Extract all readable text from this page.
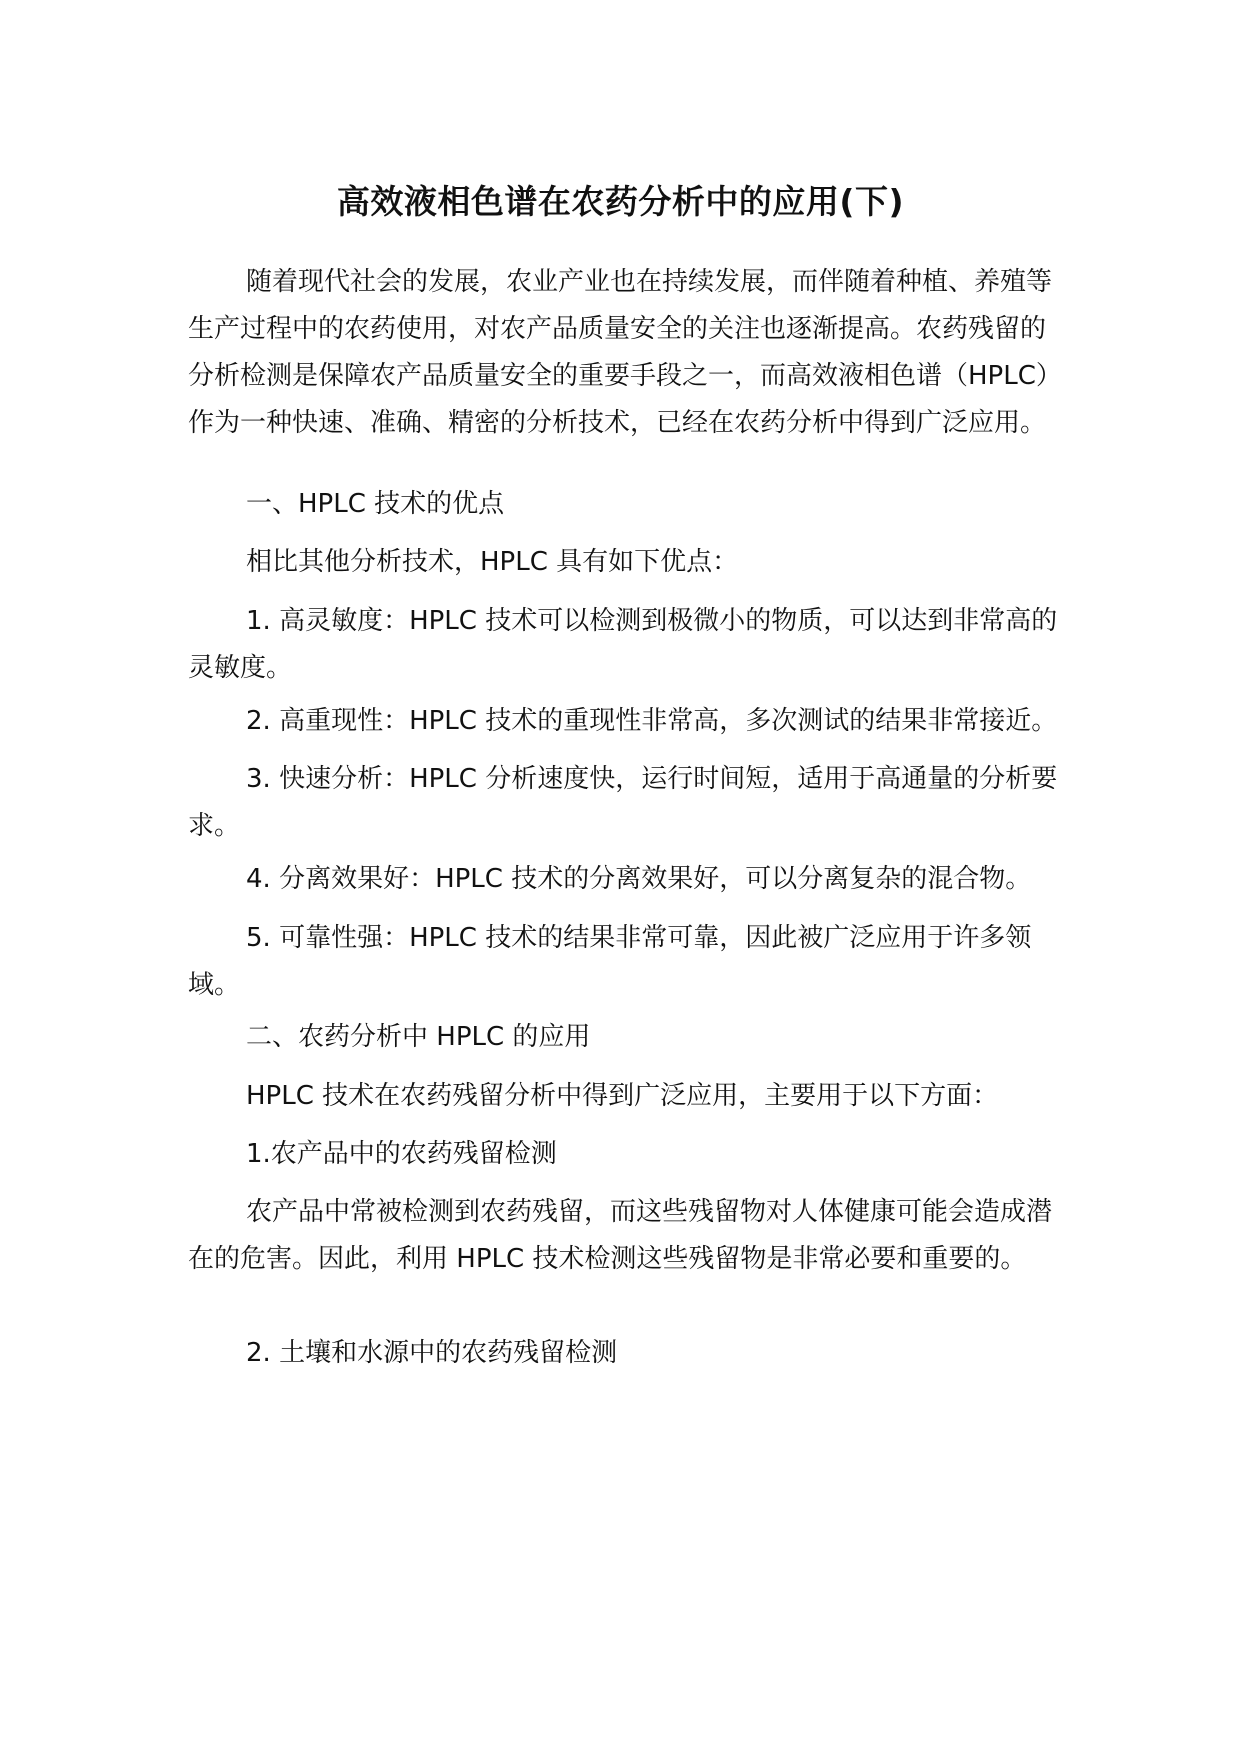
高效液相色谱在农药分析中的应用(下)

随着现代社会的发展，农业产业也在持续发展，而伴随着种植、养殖等生产过程中的农药使用，对农产品质量安全的关注也逐渐提高。农药残留的分析检测是保障农产品质量安全的重要手段之一，而高效液相色谱（HPLC）作为一种快速、准确、精密的分析技术，已经在农药分析中得到广泛应用。

一、HPLC 技术的优点

相比其他分析技术，HPLC 具有如下优点：

1. 高灵敏度：HPLC 技术可以检测到极微小的物质，可以达到非常高的灵敏度。

2. 高重现性：HPLC 技术的重现性非常高，多次测试的结果非常接近。

3. 快速分析：HPLC 分析速度快，运行时间短，适用于高通量的分析要求。

4. 分离效果好：HPLC 技术的分离效果好，可以分离复杂的混合物。

5. 可靠性强：HPLC 技术的结果非常可靠，因此被广泛应用于许多领域。

二、农药分析中 HPLC 的应用

HPLC 技术在农药残留分析中得到广泛应用，主要用于以下方面：

1.农产品中的农药残留检测

农产品中常被检测到农药残留，而这些残留物对人体健康可能会造成潜在的危害。因此，利用 HPLC 技术检测这些残留物是非常必要和重要的。

2. 土壤和水源中的农药残留检测
